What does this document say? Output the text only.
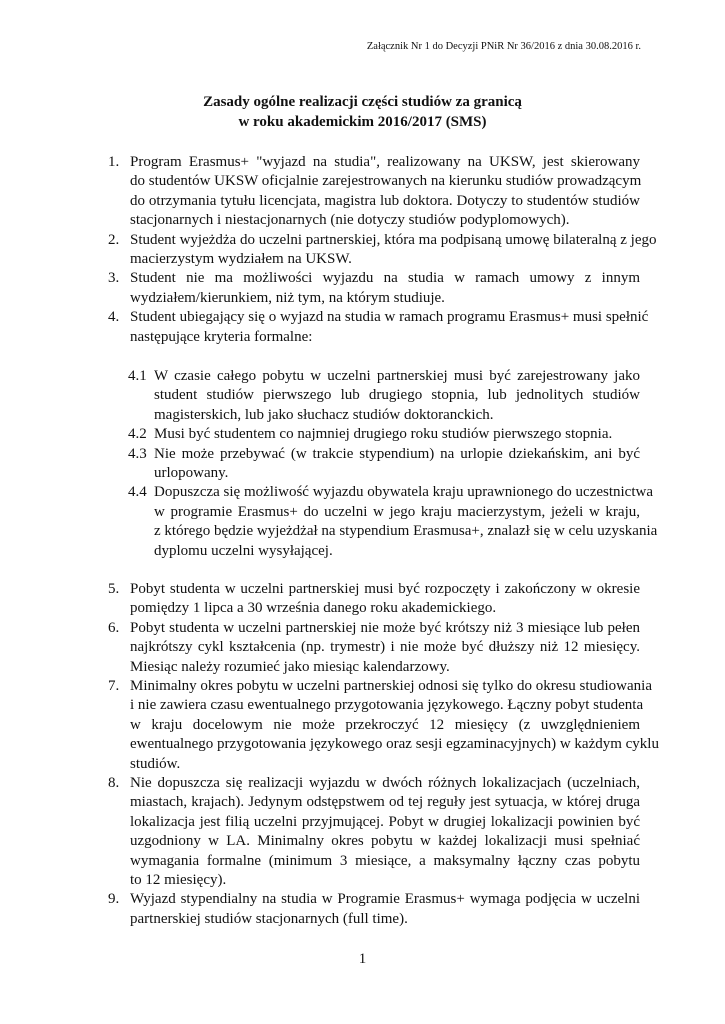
Załącznik Nr 1 do Decyzji PNiR Nr 36/2016 z dnia 30.08.2016 r.
Zasady ogólne realizacji części studiów za granicą
w roku akademickim 2016/2017 (SMS)
1. Program Erasmus+ "wyjazd na studia", realizowany na UKSW, jest skierowany
do studentów UKSW oficjalnie zarejestrowanych na kierunku studiów prowadzącym
do otrzymania tytułu licencjata, magistra lub doktora. Dotyczy to studentów studiów
stacjonarnych i niestacjonarnych (nie dotyczy studiów podyplomowych).
2. Student wyjeżdża do uczelni partnerskiej, która ma podpisaną umowę bilateralną z jego
macierzystym wydziałem na UKSW.
3. Student nie ma możliwości wyjazdu na studia w ramach umowy z innym
wydziałem/kierunkiem, niż tym, na którym studiuje.
4. Student ubiegający się o wyjazd na studia w ramach programu Erasmus+ musi spełnić
następujące kryteria formalne:
4.1 W czasie całego pobytu w uczelni partnerskiej musi być zarejestrowany jako
student studiów pierwszego lub drugiego stopnia, lub jednolitych studiów
magisterskich, lub jako słuchacz studiów doktoranckich.
4.2 Musi być studentem co najmniej drugiego roku studiów pierwszego stopnia.
4.3 Nie może przebywać (w trakcie stypendium) na urlopie dziekańskim, ani być
urlopowany.
4.4 Dopuszcza się możliwość wyjazdu obywatela kraju uprawnionego do uczestnictwa
w programie Erasmus+ do uczelni w jego kraju macierzystym, jeżeli w kraju,
z którego będzie wyjeżdżał na stypendium Erasmusa+, znalazł się w celu uzyskania
dyplomu uczelni wysyłającej.
5. Pobyt studenta w uczelni partnerskiej musi być rozpoczęty i zakończony w okresie
pomiędzy 1 lipca a 30 września danego roku akademickiego.
6. Pobyt studenta w uczelni partnerskiej nie może być krótszy niż 3 miesiące lub pełen
najkrótszy cykl kształcenia (np. trymestr) i nie może być dłuższy niż 12 miesięcy.
Miesiąc należy rozumieć jako miesiąc kalendarzowy.
7. Minimalny okres pobytu w uczelni partnerskiej odnosi się tylko do okresu studiowania
i nie zawiera czasu ewentualnego przygotowania językowego. Łączny pobyt studenta
w kraju docelowym nie może przekroczyć 12 miesięcy (z uwzględnieniem
ewentualnego przygotowania językowego oraz sesji egzaminacyjnych) w każdym cyklu
studiów.
8. Nie dopuszcza się realizacji wyjazdu w dwóch różnych lokalizacjach (uczelniach,
miastach, krajach). Jedynym odstępstwem od tej reguły jest sytuacja, w której druga
lokalizacja jest filią uczelni przyjmującej. Pobyt w drugiej lokalizacji powinien być
uzgodniony w LA. Minimalny okres pobytu w każdej lokalizacji musi spełniać
wymagania formalne (minimum 3 miesiące, a maksymalny łączny czas pobytu
to 12 miesięcy).
9. Wyjazd stypendialny na studia w Programie Erasmus+ wymaga podjęcia w uczelni
partnerskiej studiów stacjonarnych (full time).
1
